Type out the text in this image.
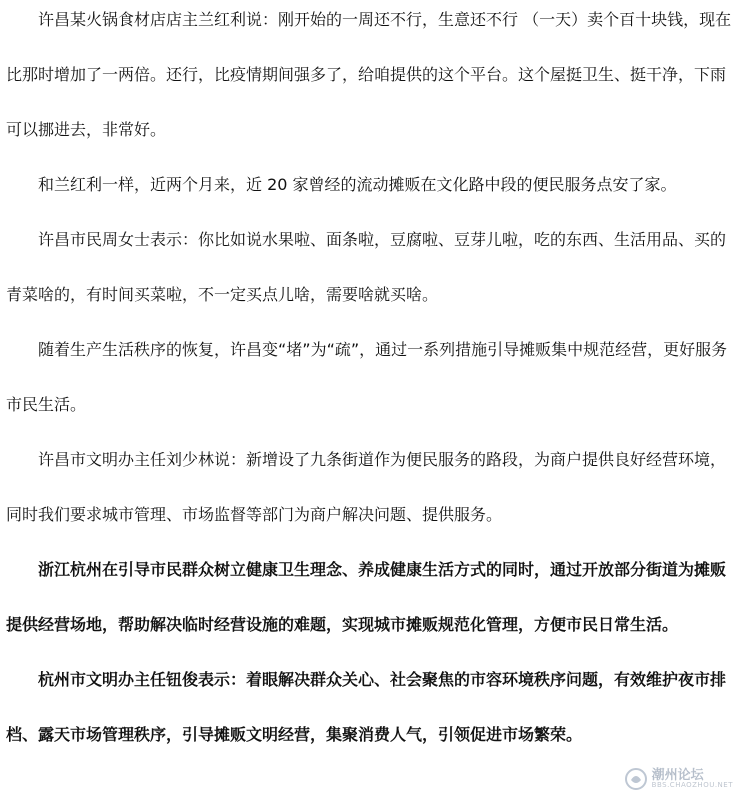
许昌某火锅食材店店主兰红利说：刚开始的一周还不行，生意还不行 （一天）卖个百十块钱，现在比那时增加了一两倍。还行，比疫情期间强多了，给咱提供的这个平台。这个屋挺卫生、挺干净，下雨可以挪进去，非常好。

和兰红利一样，近两个月来，近 20 家曾经的流动摊贩在文化路中段的便民服务点安了家。

许昌市民周女士表示：你比如说水果啦、面条啦，豆腐啦、豆芽儿啦，吃的东西、生活用品、买的青菜啥的，有时间买菜啦，不一定买点儿啥，需要啥就买啥。

随着生产生活秩序的恢复，许昌变“堵”为“疏”，通过一系列措施引导摊贩集中规范经营，更好服务市民生活。

许昌市文明办主任刘少林说：新增设了九条街道作为便民服务的路段，为商户提供良好经营环境，同时我们要求城市管理、市场监督等部门为商户解决问题、提供服务。

浙江杭州在引导市民群众树立健康卫生理念、养成健康生活方式的同时，通过开放部分街道为摊贩提供经营场地，帮助解决临时经营设施的难题，实现城市摊贩规范化管理，方便市民日常生活。

杭州市文明办主任钮俊表示：着眼解决群众关心、社会聚焦的市容环境秩序问题，有效维护夜市排档、露天市场管理秩序，引导摊贩文明经营，集聚消费人气，引领促进市场繁荣。

潮州论坛
BBS.CHAOZHOU.NET
